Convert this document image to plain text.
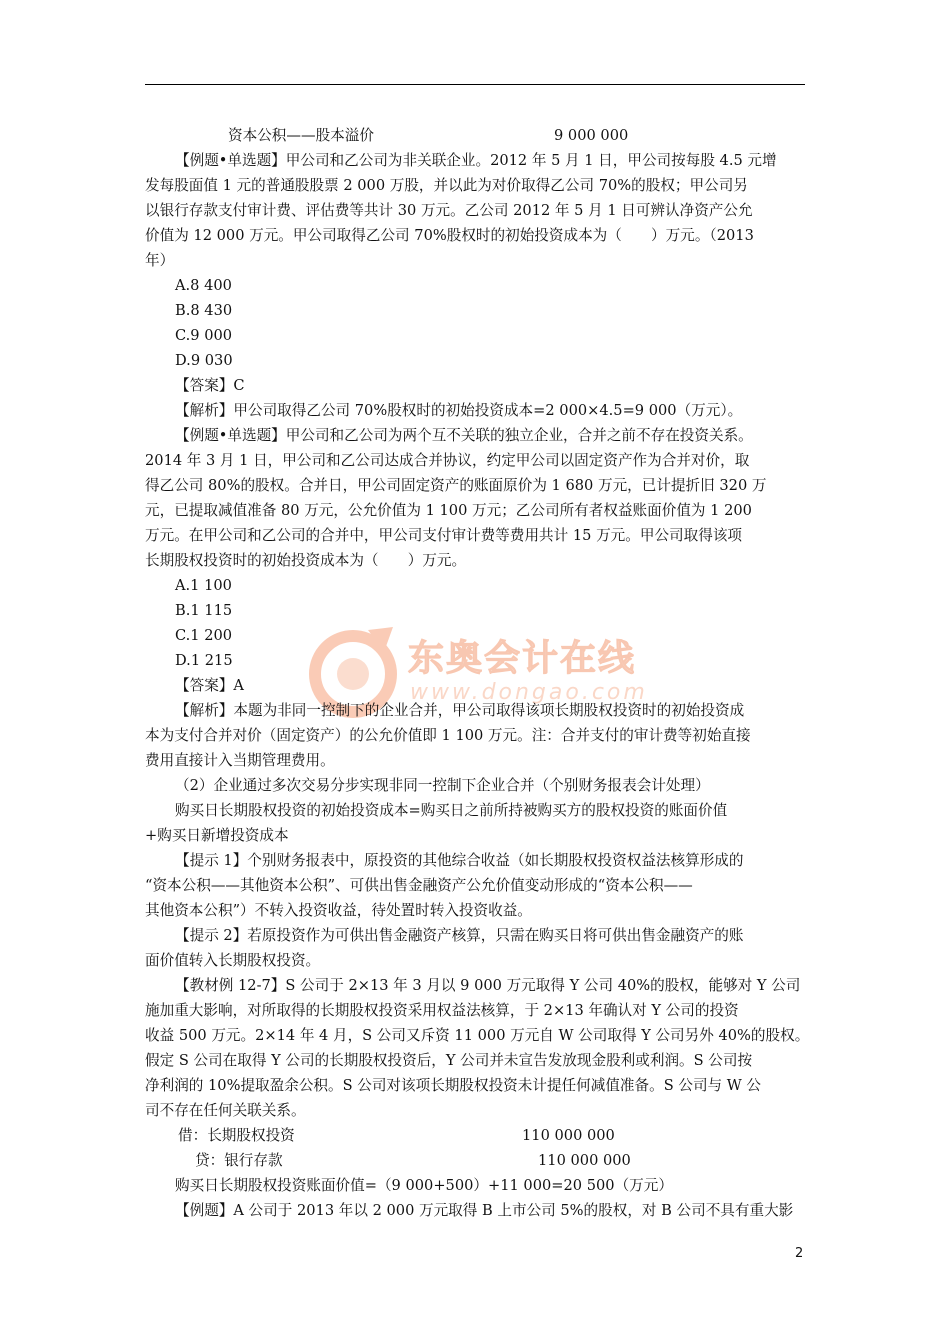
东奥会计在线
www.dongao.com
资本公积——股本溢价	9 000 000
【例题•单选题】甲公司和乙公司为非关联企业。2012 年 5 月 1 日，甲公司按每股 4.5 元增
发每股面值 1 元的普通股股票 2 000 万股，并以此为对价取得乙公司 70%的股权；甲公司另
以银行存款支付审计费、评估费等共计 30 万元。乙公司 2012 年 5 月 1 日可辨认净资产公允
价值为 12 000 万元。甲公司取得乙公司 70%股权时的初始投资成本为（　　）万元。（2013
年）
A.8 400
B.8 430
C.9 000
D.9 030
【答案】C
【解析】甲公司取得乙公司 70%股权时的初始投资成本=2 000×4.5=9 000（万元）。
【例题•单选题】甲公司和乙公司为两个互不关联的独立企业，合并之前不存在投资关系。
2014 年 3 月 1 日，甲公司和乙公司达成合并协议，约定甲公司以固定资产作为合并对价，取
得乙公司 80%的股权。合并日，甲公司固定资产的账面原价为 1 680 万元，已计提折旧 320 万
元，已提取减值准备 80 万元，公允价值为 1 100 万元；乙公司所有者权益账面价值为 1 200
万元。在甲公司和乙公司的合并中，甲公司支付审计费等费用共计 15 万元。甲公司取得该项
长期股权投资时的初始投资成本为（　　）万元。
A.1 100
B.1 115
C.1 200
D.1 215
【答案】A
【解析】本题为非同一控制下的企业合并，甲公司取得该项长期股权投资时的初始投资成
本为支付合并对价（固定资产）的公允价值即 1 100 万元。注：合并支付的审计费等初始直接
费用直接计入当期管理费用。
（2）企业通过多次交易分步实现非同一控制下企业合并（个别财务报表会计处理）
购买日长期股权投资的初始投资成本=购买日之前所持被购买方的股权投资的账面价值
+购买日新增投资成本
【提示 1】个别财务报表中，原投资的其他综合收益（如长期股权投资权益法核算形成的
“资本公积——其他资本公积”、可供出售金融资产公允价值变动形成的“资本公积——
其他资本公积”）不转入投资收益，待处置时转入投资收益。
【提示 2】若原投资作为可供出售金融资产核算，只需在购买日将可供出售金融资产的账
面价值转入长期股权投资。
【教材例 12-7】S 公司于 2×13 年 3 月以 9 000 万元取得 Y 公司 40%的股权，能够对 Y 公司
施加重大影响，对所取得的长期股权投资采用权益法核算，于 2×13 年确认对 Y 公司的投资
收益 500 万元。2×14 年 4 月，S 公司又斥资 11 000 万元自 W 公司取得 Y 公司另外 40%的股权。
假定 S 公司在取得 Y 公司的长期股权投资后，Y 公司并未宣告发放现金股利或利润。S 公司按
净利润的 10%提取盈余公积。S 公司对该项长期股权投资未计提任何减值准备。S 公司与 W 公
司不存在任何关联关系。
借：长期股权投资	110 000 000
贷：银行存款	110 000 000
购买日长期股权投资账面价值=（9 000+500）+11 000=20 500（万元）
【例题】A 公司于 2013 年以 2 000 万元取得 B 上市公司 5%的股权，对 B 公司不具有重大影
2
